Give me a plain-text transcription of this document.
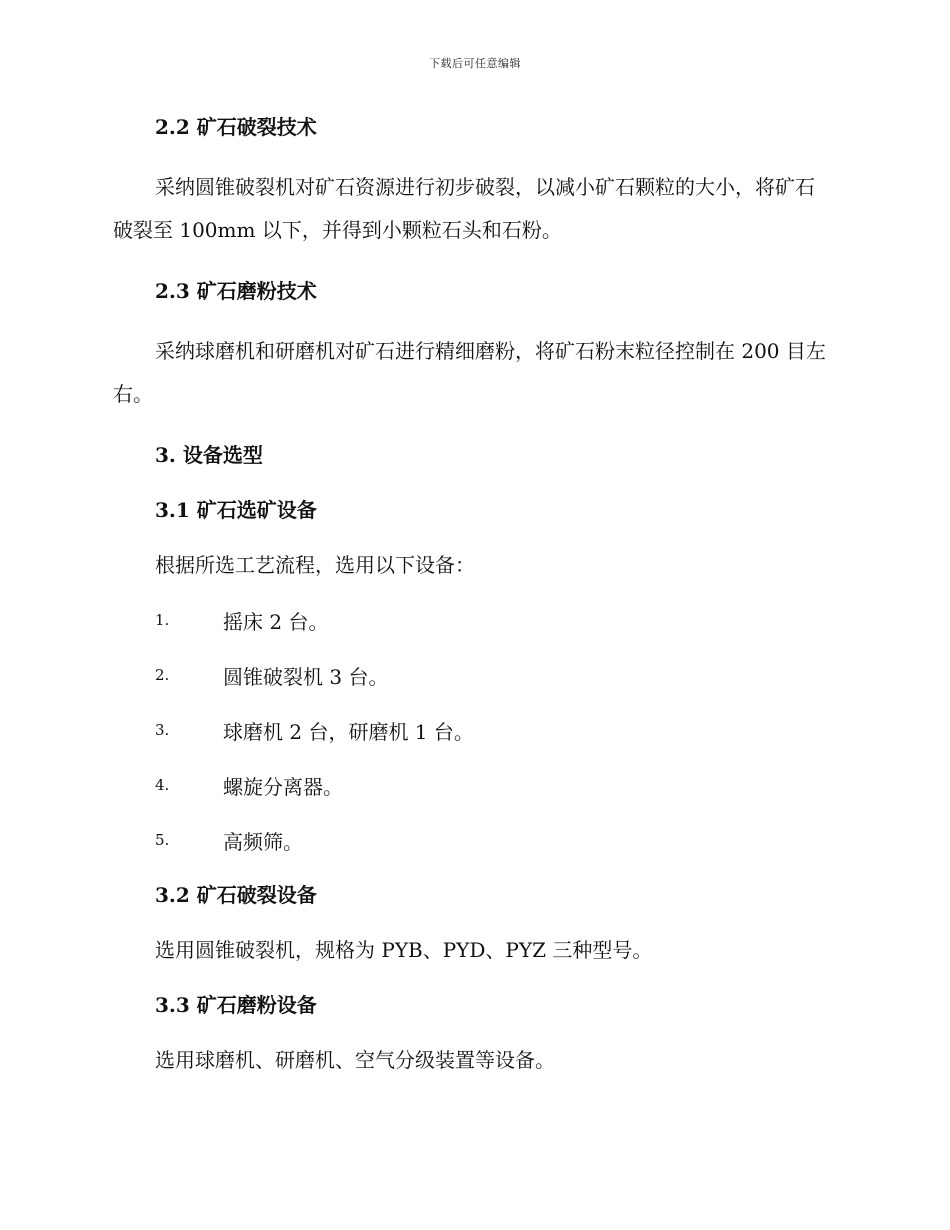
下载后可任意编辑
2.2 矿石破裂技术

采纳圆锥破裂机对矿石资源进行初步破裂，以减小矿石颗粒的大小，将矿石破裂至 100mm 以下，并得到小颗粒石头和石粉。

2.3 矿石磨粉技术

采纳球磨机和研磨机对矿石进行精细磨粉，将矿石粉末粒径控制在 200 目左右。

3. 设备选型
3.1 矿石选矿设备
根据所选工艺流程，选用以下设备：
1.	摇床 2 台。
2.	圆锥破裂机 3 台。
3.	球磨机 2 台，研磨机 1 台。
4.	螺旋分离器。
5.	高频筛。
3.2 矿石破裂设备
选用圆锥破裂机，规格为 PYB、PYD、PYZ 三种型号。
3.3 矿石磨粉设备
选用球磨机、研磨机、空气分级装置等设备。
